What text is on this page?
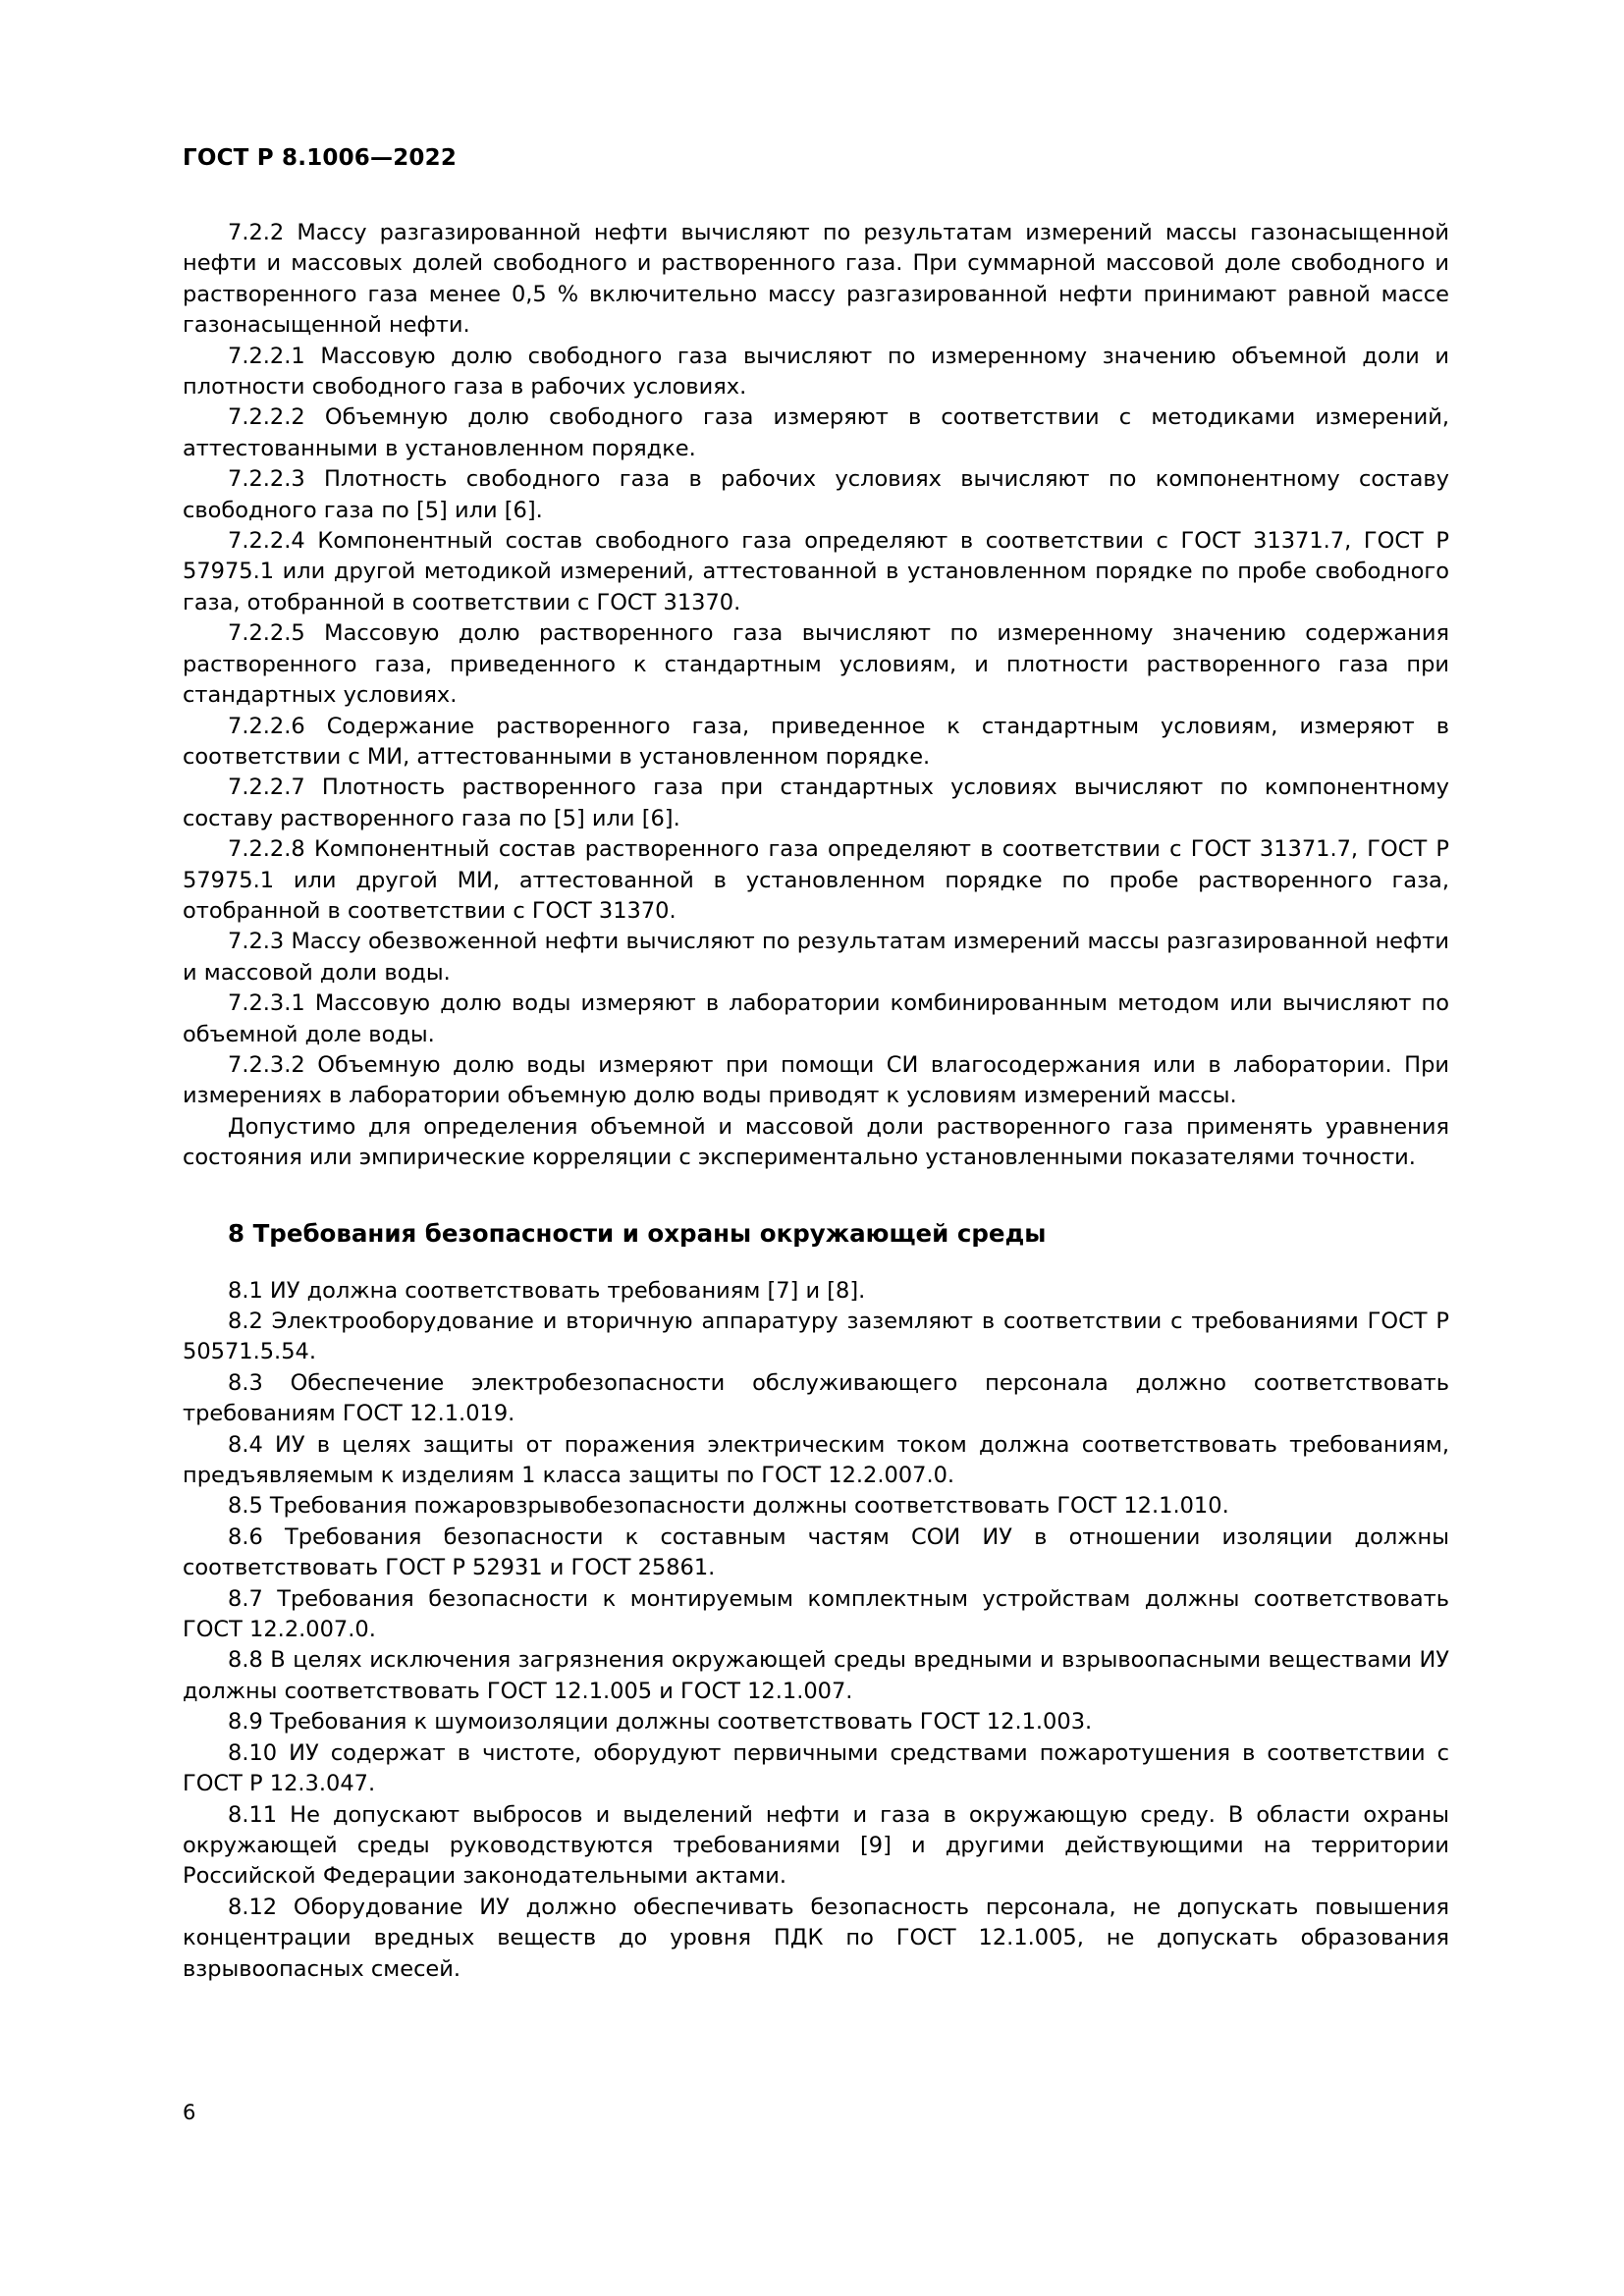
ГОСТ Р 8.1006—2022

7.2.2 Массу разгазированной нефти вычисляют по результатам измерений массы газонасыщенной нефти и массовых долей свободного и растворенного газа. При суммарной массовой доле свободного и растворенного газа менее 0,5 % включительно массу разгазированной нефти принимают равной массе газонасыщенной нефти.

7.2.2.1 Массовую долю свободного газа вычисляют по измеренному значению объемной доли и плотности свободного газа в рабочих условиях.

7.2.2.2 Объемную долю свободного газа измеряют в соответствии с методиками измерений, аттестованными в установленном порядке.

7.2.2.3 Плотность свободного газа в рабочих условиях вычисляют по компонентному составу свободного газа по [5] или [6].

7.2.2.4 Компонентный состав свободного газа определяют в соответствии с ГОСТ 31371.7, ГОСТ Р 57975.1 или другой методикой измерений, аттестованной в установленном порядке по пробе свободного газа, отобранной в соответствии с ГОСТ 31370.

7.2.2.5 Массовую долю растворенного газа вычисляют по измеренному значению содержания растворенного газа, приведенного к стандартным условиям, и плотности растворенного газа при стандартных условиях.

7.2.2.6 Содержание растворенного газа, приведенное к стандартным условиям, измеряют в соответствии с МИ, аттестованными в установленном порядке.

7.2.2.7 Плотность растворенного газа при стандартных условиях вычисляют по компонентному составу растворенного газа по [5] или [6].

7.2.2.8 Компонентный состав растворенного газа определяют в соответствии с ГОСТ 31371.7, ГОСТ Р 57975.1 или другой МИ, аттестованной в установленном порядке по пробе растворенного газа, отобранной в соответствии с ГОСТ 31370.

7.2.3 Массу обезвоженной нефти вычисляют по результатам измерений массы разгазированной нефти и массовой доли воды.

7.2.3.1 Массовую долю воды измеряют в лаборатории комбинированным методом или вычисляют по объемной доле воды.

7.2.3.2 Объемную долю воды измеряют при помощи СИ влагосодержания или в лаборатории. При измерениях в лаборатории объемную долю воды приводят к условиям измерений массы.

Допустимо для определения объемной и массовой доли растворенного газа применять уравнения состояния или эмпирические корреляции с экспериментально установленными показателями точности.

8 Требования безопасности и охраны окружающей среды

8.1 ИУ должна соответствовать требованиям [7] и [8].

8.2 Электрооборудование и вторичную аппаратуру заземляют в соответствии с требованиями ГОСТ Р 50571.5.54.

8.3 Обеспечение электробезопасности обслуживающего персонала должно соответствовать требованиям ГОСТ 12.1.019.

8.4 ИУ в целях защиты от поражения электрическим током должна соответствовать требованиям, предъявляемым к изделиям 1 класса защиты по ГОСТ 12.2.007.0.

8.5 Требования пожаровзрывобезопасности должны соответствовать ГОСТ 12.1.010.

8.6 Требования безопасности к составным частям СОИ ИУ в отношении изоляции должны соответствовать ГОСТ Р 52931 и ГОСТ 25861.

8.7 Требования безопасности к монтируемым комплектным устройствам должны соответствовать ГОСТ 12.2.007.0.

8.8 В целях исключения загрязнения окружающей среды вредными и взрывоопасными веществами ИУ должны соответствовать ГОСТ 12.1.005 и ГОСТ 12.1.007.

8.9 Требования к шумоизоляции должны соответствовать ГОСТ 12.1.003.

8.10 ИУ содержат в чистоте, оборудуют первичными средствами пожаротушения в соответствии с ГОСТ Р 12.3.047.

8.11 Не допускают выбросов и выделений нефти и газа в окружающую среду. В области охраны окружающей среды руководствуются требованиями [9] и другими действующими на территории Российской Федерации законодательными актами.

8.12 Оборудование ИУ должно обеспечивать безопасность персонала, не допускать повышения концентрации вредных веществ до уровня ПДК по ГОСТ 12.1.005, не допускать образования взрывоопасных смесей.

6
